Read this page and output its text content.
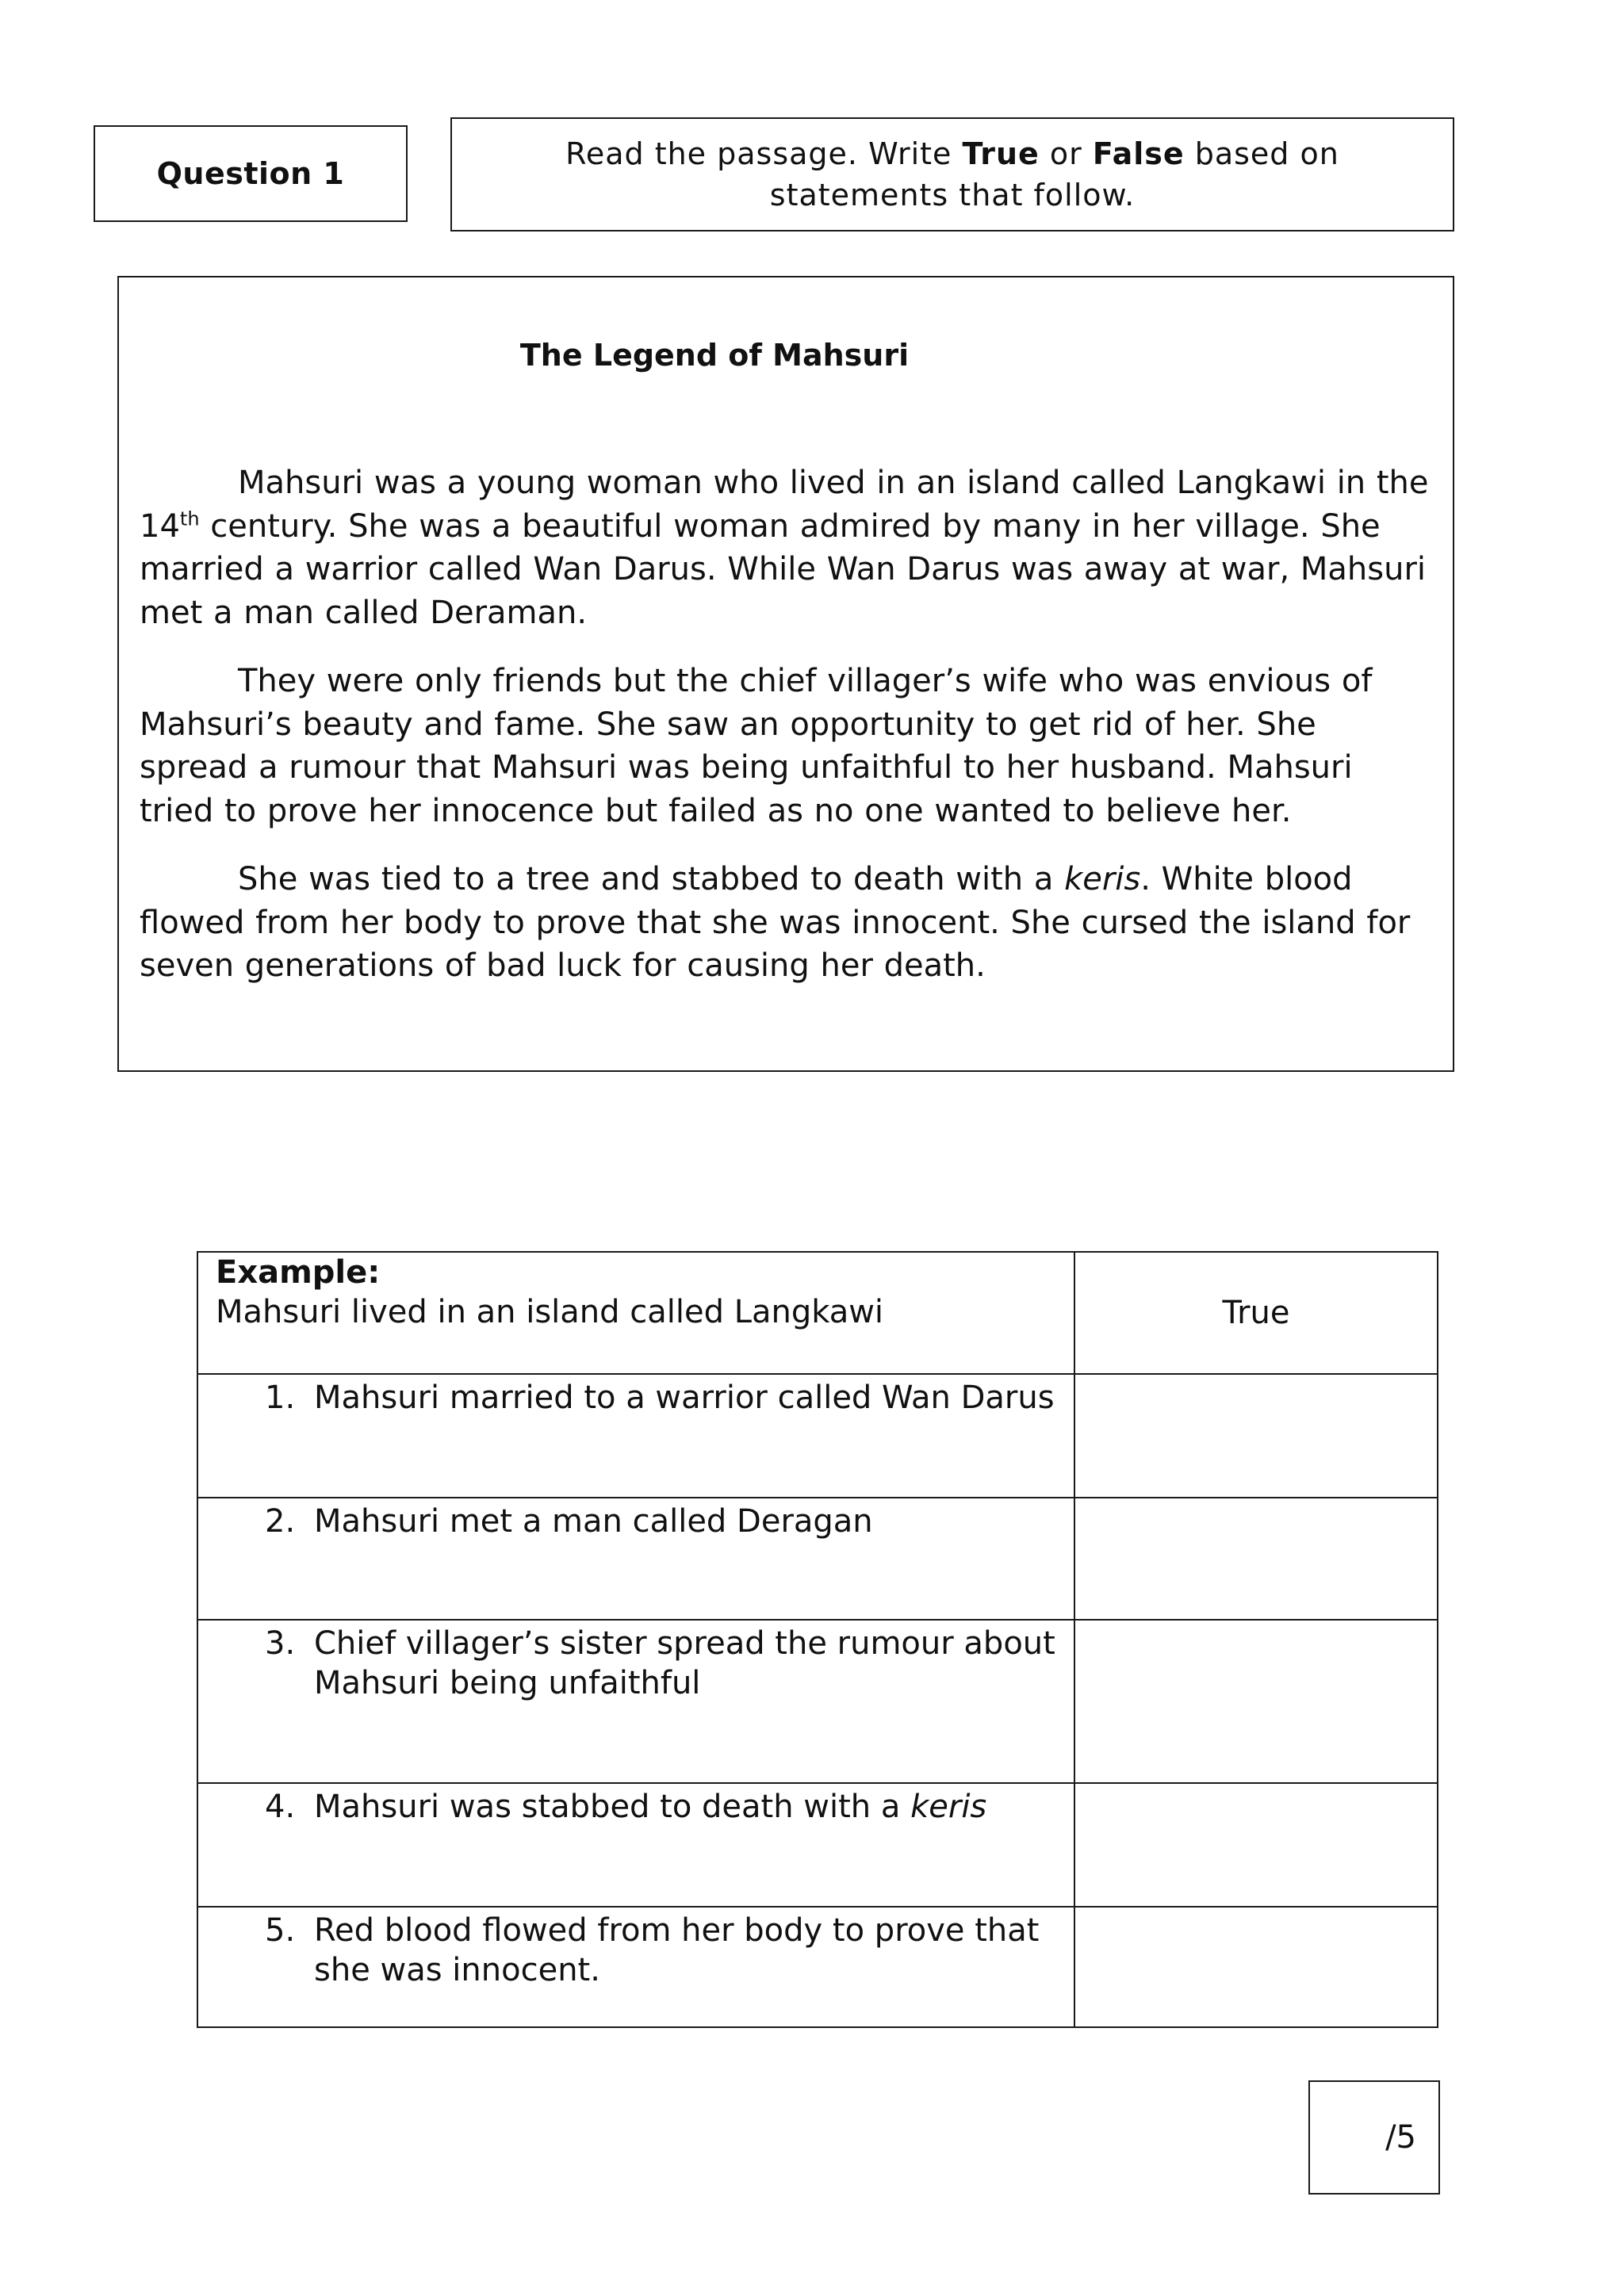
Question 1
Read the passage. Write True or False based on statements that follow.
The Legend of Mahsuri

Mahsuri was a young woman who lived in an island called Langkawi in the 14th century. She was a beautiful woman admired by many in her village. She married a warrior called Wan Darus. While Wan Darus was away at war, Mahsuri met a man called Deraman.

They were only friends but the chief villager’s wife who was envious of Mahsuri’s beauty and fame. She saw an opportunity to get rid of her. She spread a rumour that Mahsuri was being unfaithful to her husband. Mahsuri tried to prove her innocence but failed as no one wanted to believe her.

She was tied to a tree and stabbed to death with a keris. White blood flowed from her body to prove that she was innocent. She cursed the island for seven generations of bad luck for causing her death.

Example:
Mahsuri lived in an island called Langkawi	True

1. Mahsuri married to a warrior called Wan Darus	

2. Mahsuri met a man called Deragan	

3. Chief villager’s sister spread the rumour about Mahsuri being unfaithful	

4. Mahsuri was stabbed to death with a keris	

5. Red blood flowed from her body to prove that she was innocent.	

/5
